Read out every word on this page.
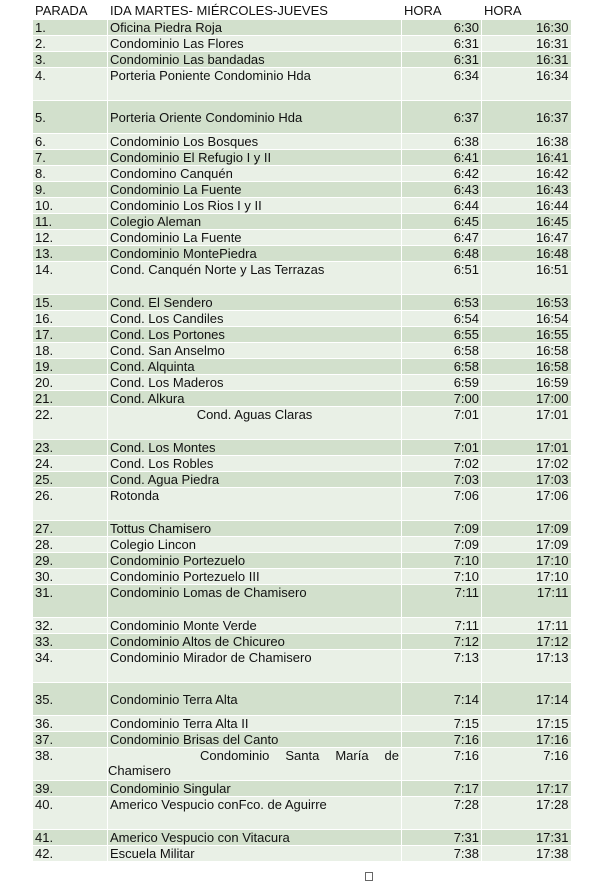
PARADA	IDA MARTES- MIÉRCOLES-JUEVES	HORA	HORA
1.	Oficina Piedra Roja	6:30	16:30
2.	Condominio Las Flores	6:31	16:31
3.	Condominio Las bandadas	6:31	16:31
4.	Porteria Poniente Condominio Hda	6:34	16:34
5.	Porteria Oriente Condominio Hda	6:37	16:37
6.	Condominio Los Bosques	6:38	16:38
7.	Condominio El Refugio I y II	6:41	16:41
8.	Condomino Canquén	6:42	16:42
9.	Condominio La Fuente	6:43	16:43
10.	Condominio Los Rios I y II	6:44	16:44
11.	Colegio Aleman	6:45	16:45
12.	Condominio La Fuente	6:47	16:47
13.	Condominio MontePiedra	6:48	16:48
14.	Cond. Canquén Norte y Las Terrazas	6:51	16:51
15.	Cond. El Sendero	6:53	16:53
16.	Cond. Los Candiles	6:54	16:54
17.	Cond. Los Portones	6:55	16:55
18.	Cond. San Anselmo	6:58	16:58
19.	Cond. Alquinta	6:58	16:58
20.	Cond. Los Maderos	6:59	16:59
21.	Cond. Alkura	7:00	17:00
22.	Cond. Aguas Claras	7:01	17:01
23.	Cond. Los Montes	7:01	17:01
24.	Cond. Los Robles	7:02	17:02
25.	Cond. Agua Piedra	7:03	17:03
26.	Rotonda	7:06	17:06
27.	Tottus Chamisero	7:09	17:09
28.	Colegio Lincon	7:09	17:09
29.	Condominio Portezuelo	7:10	17:10
30.	Condominio Portezuelo III	7:10	17:10
31.	Condominio Lomas de Chamisero	7:11	17:11
32.	Condominio Monte Verde	7:11	17:11
33.	Condominio Altos de Chicureo	7:12	17:12
34.	Condominio Mirador de Chamisero	7:13	17:13
35.	Condominio Terra Alta	7:14	17:14
36.	Condominio Terra Alta II	7:15	17:15
37.	Condominio Brisas del Canto	7:16	17:16
38.	Condominio Santa María de Chamisero	7:16	7:16
39.	Condominio Singular	7:17	17:17
40.	Americo Vespucio conFco. de Aguirre	7:28	17:28
41.	Americo Vespucio con Vitacura	7:31	17:31
42.	Escuela Militar	7:38	17:38
